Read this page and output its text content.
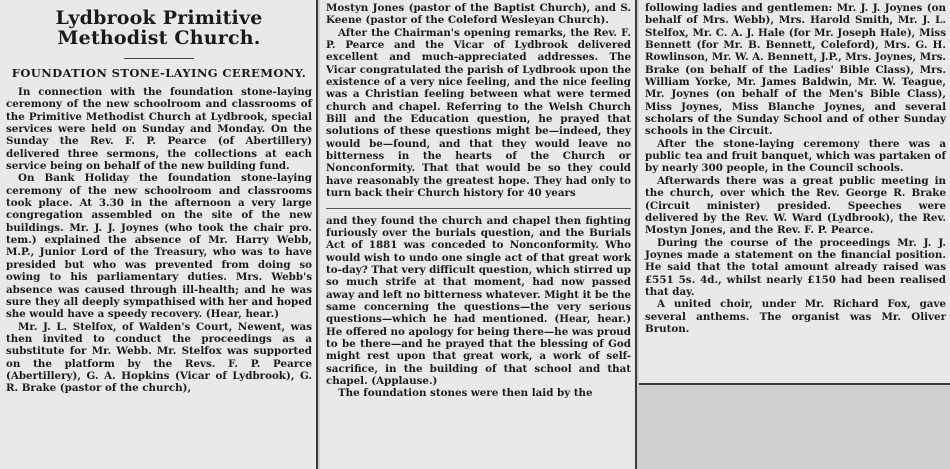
Lydbrook Primitive Methodist Church.
FOUNDATION STONE-LAYING CEREMONY.

In connection with the foundation stone-laying ceremony of the new schoolroom and classrooms of the Primitive Methodist Church at Lydbrook, special services were held on Sunday and Monday. On the Sunday the Rev. F. P. Pearce (of Abertillery) delivered three sermons, the collections at each service being on behalf of the new building fund.

On Bank Holiday the foundation stone-laying ceremony of the new schoolroom and classrooms took place. At 3.30 in the afternoon a very large congregation assembled on the site of the new buildings. Mr. J. J. Joynes (who took the chair pro. tem.) explained the absence of Mr. Harry Webb, M.P., Junior Lord of the Treasury, who was to have presided but who was prevented from doing so owing to his parliamentary duties. Mrs. Webb's absence was caused through ill-health; and he was sure they all deeply sympathised with her and hoped she would have a speedy recovery. (Hear, hear.)

Mr. J. L. Stelfox, of Walden's Court, Newent, was then invited to conduct the proceedings as a substitute for Mr. Webb. Mr. Stelfox was supported on the platform by the Revs. F. P. Pearce (Abertillery), G. A. Hopkins (Vicar of Lydbrook), G. R. Brake (pastor of the church),

Mostyn Jones (pastor of the Baptist Church), and S. Keene (pastor of the Coleford Wesleyan Church).

After the Chairman's opening remarks, the Rev. F. P. Pearce and the Vicar of Lydbrook delivered excellent and much-appreciated addresses. The Vicar congratulated the parish of Lydbrook upon the existence of a very nice feeling, and the nice feeling was a Christian feeling between what were termed church and chapel. Referring to the Welsh Church Bill and the Education question, he prayed that solutions of these questions might be—indeed, they would be—found, and that they would leave no bitterness in the hearts of the Church or Nonconformity. That that would be so they could have reasonably the greatest hope. They had only to turn back their Church history for 40 years

and they found the church and chapel then fighting furiously over the burials question, and the Burials Act of 1881 was conceded to Nonconformity. Who would wish to undo one single act of that great work to-day? That very difficult question, which stirred up so much strife at that moment, had now passed away and left no bitterness whatever. Might it be the same concerning the questions—the very serious questions—which he had mentioned. (Hear, hear.) He offered no apology for being there—he was proud to be there—and he prayed that the blessing of God might rest upon that great work, a work of self-sacrifice, in the building of that school and that chapel. (Applause.)

The foundation stones were then laid by the

following ladies and gentlemen: Mr. J. J. Joynes (on behalf of Mrs. Webb), Mrs. Harold Smith, Mr. J. L. Stelfox, Mr. C. A. J. Hale (for Mr. Joseph Hale), Miss Bennett (for Mr. B. Bennett, Coleford), Mrs. G. H. Rowlinson, Mr. W. A. Bennett, J.P., Mrs. Joynes, Mrs. Brake (on behalf of the Ladies' Bible Class), Mrs. William Yorke, Mr. James Baldwin, Mr. W. Teague, Mr. Joynes (on behalf of the Men's Bible Class), Miss Joynes, Miss Blanche Joynes, and several scholars of the Sunday School and of other Sunday schools in the Circuit.

After the stone-laying ceremony there was a public tea and fruit banquet, which was partaken of by nearly 300 people, in the Council schools.

Afterwards there was a great public meeting in the church, over which the Rev. George R. Brake (Circuit minister) presided. Speeches were delivered by the Rev. W. Ward (Lydbrook), the Rev. Mostyn Jones, and the Rev. F. P. Pearce.

During the course of the proceedings Mr. J. J. Joynes made a statement on the financial position. He said that the total amount already raised was £551 5s. 4d., whilst nearly £150 had been realised that day.

A united choir, under Mr. Richard Fox, gave several anthems. The organist was Mr. Oliver Bruton.
